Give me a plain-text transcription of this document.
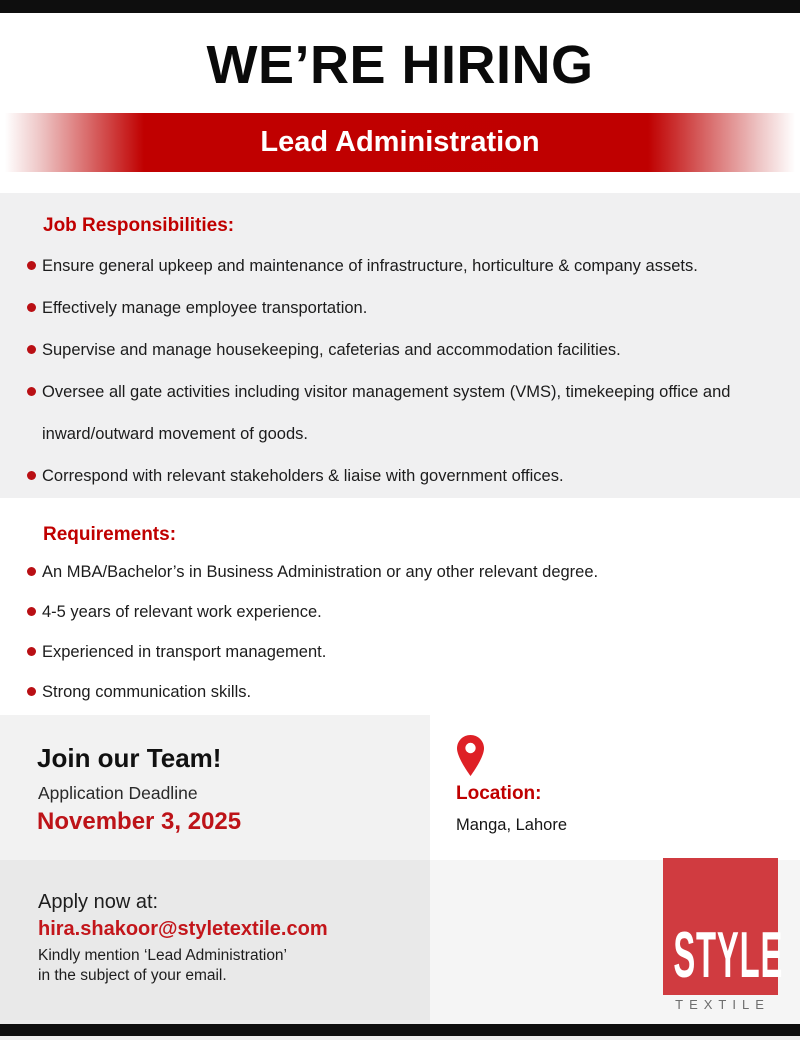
WE’RE HIRING
Lead Administration
Job Responsibilities:
Ensure general upkeep and maintenance of infrastructure, horticulture & company assets.
Effectively manage employee transportation.
Supervise and manage housekeeping, cafeterias and accommodation facilities.
Oversee all gate activities including visitor management system (VMS), timekeeping office and inward/outward movement of goods.
Correspond with relevant stakeholders & liaise with government offices.
Requirements:
An MBA/Bachelor’s in Business Administration or any other relevant degree.
4-5 years of relevant work experience.
Experienced in transport management.
Strong communication skills.
Join our Team!
Application Deadline
November 3, 2025
Location:
Manga, Lahore
Apply now at:
hira.shakoor@styletextile.com
Kindly mention ‘Lead Administration’
in the subject of your email.	STYLE
TEXTILE
